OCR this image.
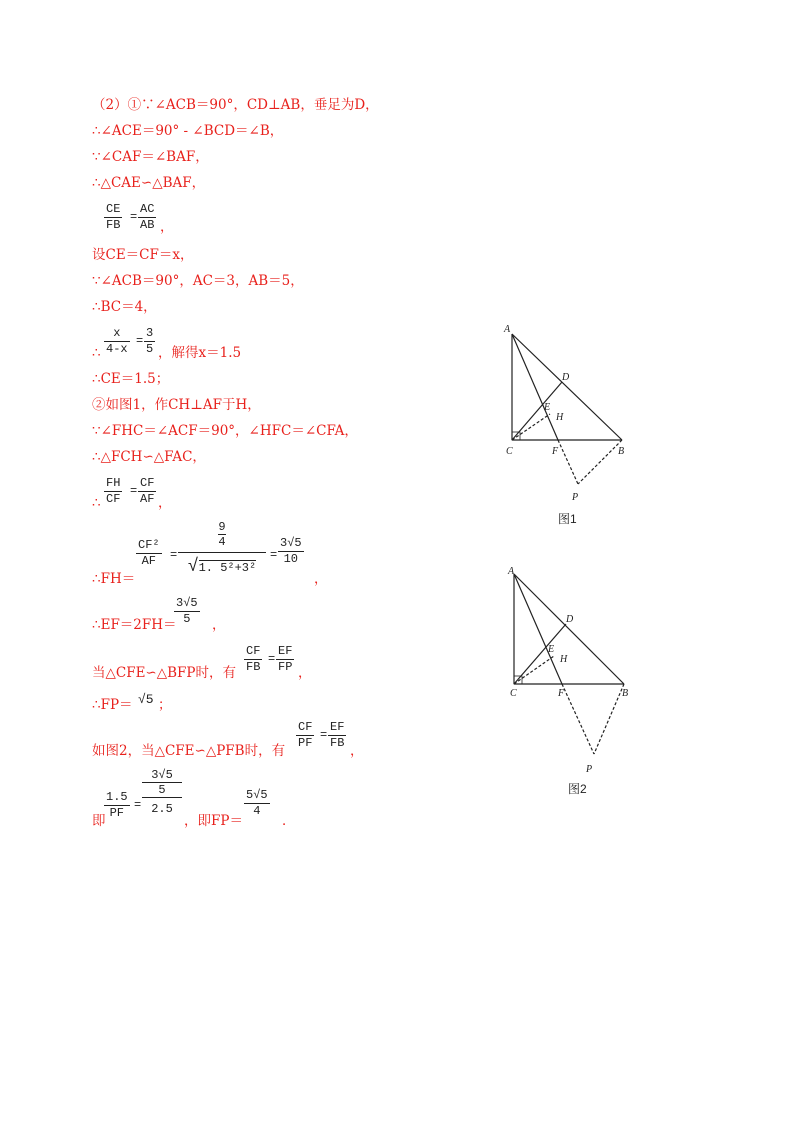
（2）①∵∠ACB＝90°，CD⊥AB，垂足为D，
∴∠ACE＝90° - ∠BCD＝∠B，
∵∠CAF＝∠BAF，
∴△CAE∽△BAF，
$\frac{CE}{FB} = \frac{AC}{AB}$ ，
设CE＝CF＝x，
∵∠ACB＝90°，AC＝3，AB＝5，
∴BC＝4，
∴ $\frac{x}{4-x} = \frac{3}{5}$ ，解得x＝1.5
∴CE＝1.5；
②如图1，作CH⊥AF于H，
∵∠FHC＝∠ACF＝90°，∠HFC＝∠CFA，
∴△FCH∽△FAC，
∴ $\frac{FH}{CF} = \frac{CF}{AF}$ ，
∴FH＝
$\frac{\text{CF²}}{AF}$ =
$\frac{9}{4}$
√1. 5²+3²
= $\frac{3√5}{10}$
，
∴EF＝2FH＝
$\frac{3√5}{5}$ ，
当△CFE∽△BFP时，有 $\frac{CF}{FB} = \frac{EF}{FP}$ ，
∴FP＝ √5 ；
如图2，当△CFE∽△PFB时，有 $\frac{CF}{PF} = \frac{EF}{FB}$ ，
即
$\frac{1.5}{PF}$ =
3√5
5
2.5
，即FP＝
$\frac{5√5}{4}$
．
A
D
E
H
C	F	B
P
图1
A
D
E
H
C	F	B
P
图2
